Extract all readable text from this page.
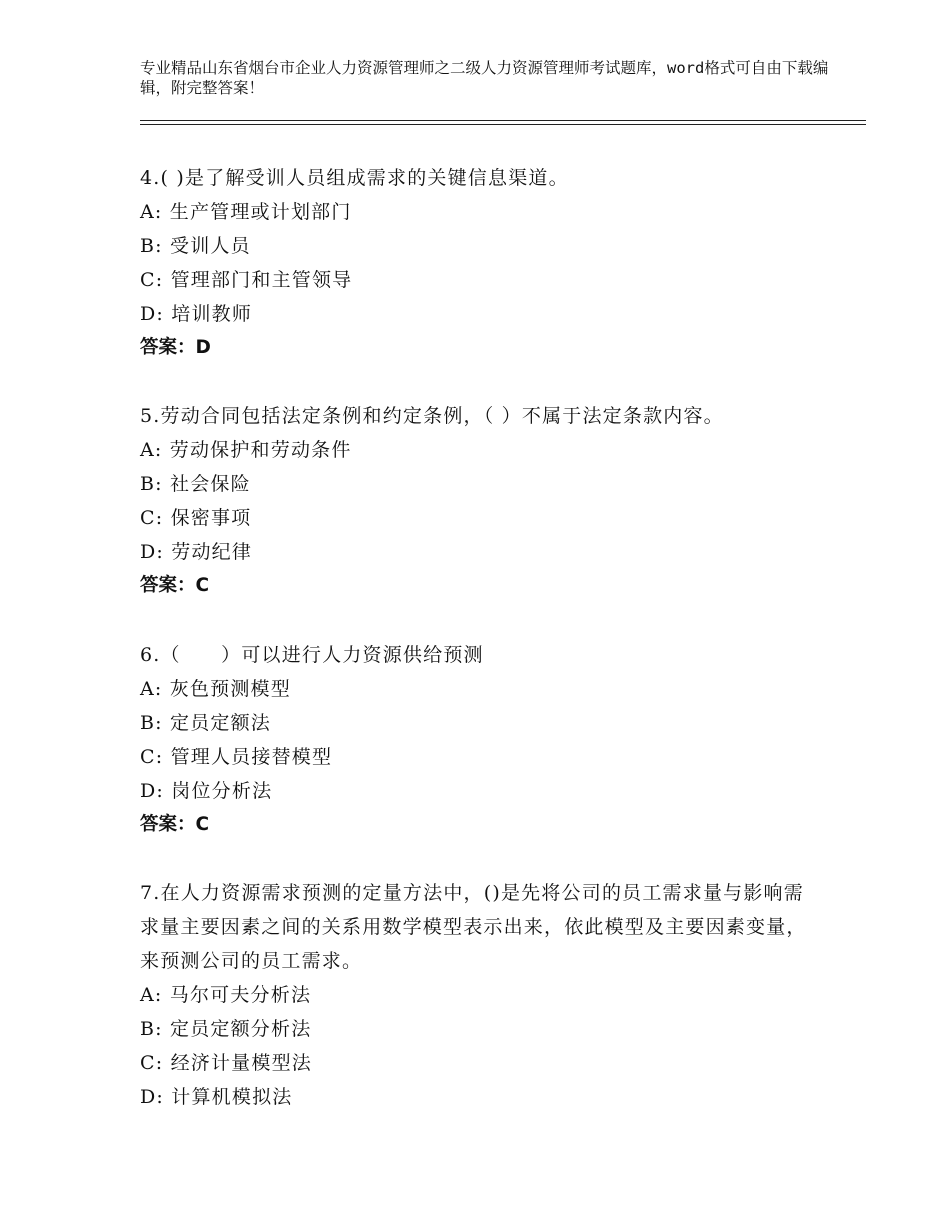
专业精品山东省烟台市企业人力资源管理师之二级人力资源管理师考试题库，word格式可自由下载编辑，附完整答案！
4.( )是了解受训人员组成需求的关键信息渠道。
A: 生产管理或计划部门
B: 受训人员
C: 管理部门和主管领导
D: 培训教师
答案：D
5.劳动合同包括法定条例和约定条例，（ ）不属于法定条款内容。
A: 劳动保护和劳动条件
B: 社会保险
C: 保密事项
D: 劳动纪律
答案：C
6.（　　）可以进行人力资源供给预测
A: 灰色预测模型
B: 定员定额法
C: 管理人员接替模型
D: 岗位分析法
答案：C
7.在人力资源需求预测的定量方法中，()是先将公司的员工需求量与影响需求量主要因素之间的关系用数学模型表示出来，依此模型及主要因素变量，来预测公司的员工需求。
A: 马尔可夫分析法
B: 定员定额分析法
C: 经济计量模型法
D: 计算机模拟法
